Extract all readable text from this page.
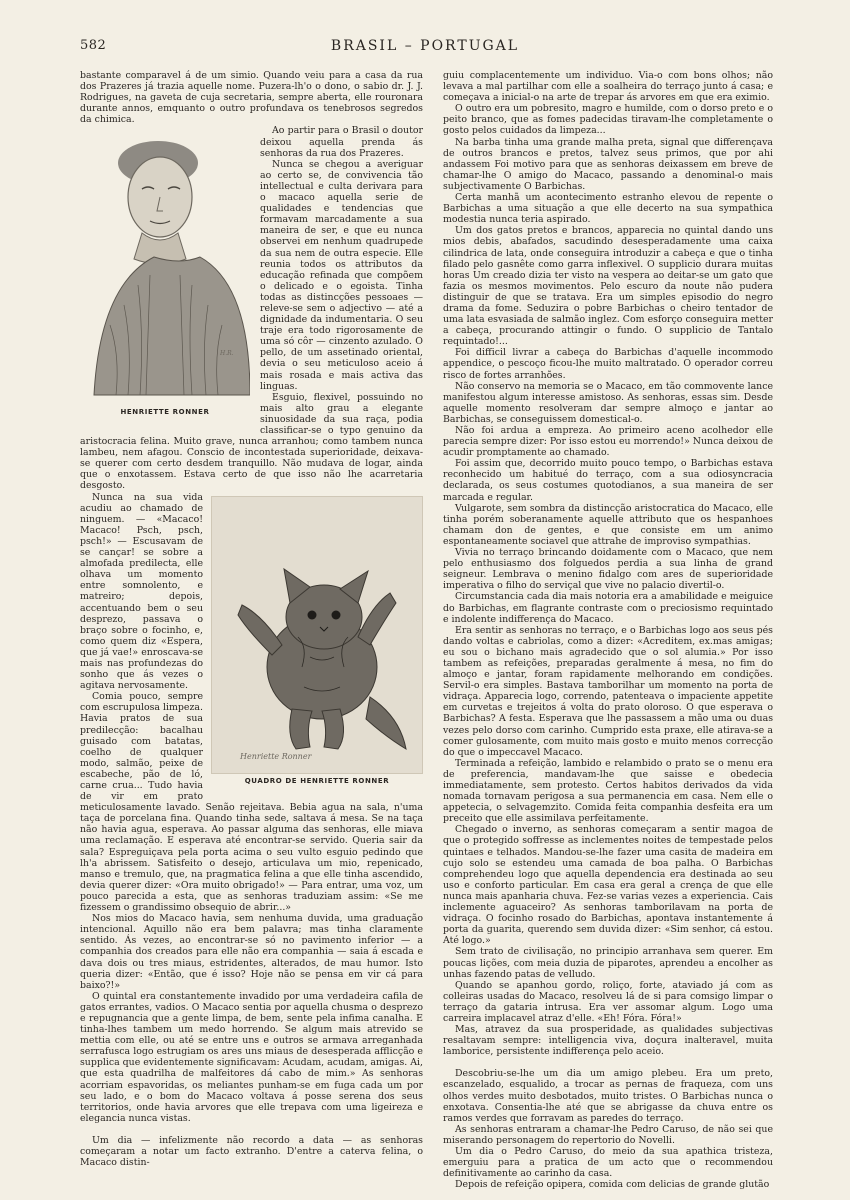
582	BRASIL – PORTUGAL

bastante comparavel á de um simio. Quando veiu para a casa da rua dos Prazeres já trazia aquelle nome. Puzera-lh'o o dono, o sabio dr. J. J. Rodrigues, na gaveta de cuja secretaria, sempre aberta, elle rouronara durante annos, emquanto o outro profundava os tenebrosos segredos da chimica.

H.R.
HENRIETTE RONNER

Ao partir para o Brasil o doutor deixou aquella prenda ás senhoras da rua dos Prazeres.

Nunca se chegou a averiguar ao certo se, de convivencia tão intellectual e culta derivara para o macaco aquella serie de qualidades e tendencias que formavam marcadamente a sua maneira de ser, e que eu nunca observei em nenhum quadrupede da sua nem de outra especie. Elle reunia todos os attributos da educação refinada que compõem o delicado e o egoista. Tinha todas as distincções pessoaes — releve-se sem o adjectivo — até a dignidade da indumentaria. O seu traje era todo rigorosamente de uma só côr — cinzento azulado. O pello, de um assetinado oriental, devia o seu meticuloso aceio á mais rosada e mais activa das linguas.

Esguio, flexivel, possuindo no mais alto grau a elegante sinuosidade da sua raça, podia classificar-se o typo genuino da aristocracia felina. Muito grave, nunca arranhou; como tambem nunca lambeu, nem afagou. Conscio de incontestada superioridade, deixava-se querer com certo desdem tranquillo. Não mudava de logar, ainda que o enxotassem. Estava certo de que isso não lhe acarretaria desgosto.

Henriette Ronner
QUADRO DE HENRIETTE RONNER

Nunca na sua vida acudiu ao chamado de ninguem. — «Macaco! Macaco! Psch, psch, psch!» — Escusavam de se cançar! se sobre a almofada predilecta, elle olhava um momento entre somnolento, e matreiro; depois, accentuando bem o seu desprezo, passava o braço sobre o focinho, e, como quem diz «Espera, que já vae!» enroscava-se mais nas profundezas do sonho que ás vezes o agitava nervosamente.

Comia pouco, sempre com escrupulosa limpeza. Havia pratos de sua predilecção: bacalhau guisado com batatas, coelho de qualquer modo, salmão, peixe de escabeche, pão de ló, carne crua... Tudo havia de vir em prato meticulosamente lavado. Senão rejeitava. Bebia agua na sala, n'uma taça de porcelana fina. Quando tinha sede, saltava á mesa. Se na taça não havia agua, esperava. Ao passar alguma das senhoras, elle miava uma reclamação. E esperava até encontrar-se servido. Queria sair da sala? Espreguiçava pela porta acima o seu vulto esguio pedindo que lh'a abrissem. Satisfeito o desejo, articulava um mio, repenicado, manso e tremulo, que, na pragmatica felina a que elle tinha ascendido, devia querer dizer: «Ora muito obrigado!» — Para entrar, uma voz, um pouco parecida a esta, que as senhoras traduziam assim: «Se me fizessem o grandissimo obsequio de abrir...»

Nos mios do Macaco havia, sem nenhuma duvida, uma graduação intencional. Aquillo não era bem palavra; mas tinha claramente sentido. Ás vezes, ao encontrar-se só no pavimento inferior — a companhia dos creados para elle não era companhia — saia á escada e dava dois ou tres miaus, estridentes, alterados, de mau humor. Isto queria dizer: «Então, que é isso? Hoje não se pensa em vir cá para baixo?!»

O quintal era constantemente invadido por uma verdadeira cafila de gatos errantes, vadios. O Macaco sentia por aquella chusma o desprezo e repugnancia que a gente limpa, de bem, sente pela infima canalha. E tinha-lhes tambem um medo horrendo. Se algum mais atrevido se mettia com elle, ou até se entre uns e outros se armava arreganhada serrafusca logo estrugiam os ares uns miaus de desesperada afflicção e supplica que evidentemente significavam: Acudam, acudam, amigas. Ai, que esta quadrilha de malfeitores dá cabo de mim.» As senhoras acorriam espavoridas, os meliantes punham-se em fuga cada um por seu lado, e o bom do Macaco voltava á posse serena dos seus territorios, onde havia arvores que elle trepava com uma ligeireza e elegancia nunca vistas.

Um dia — infelizmente não recordo a data — as senhoras começaram a notar um facto extranho. D'entre a caterva felina, o Macaco distin-

guiu complacentemente um individuo. Via-o com bons olhos; não levava a mal partilhar com elle a soalheira do terraço junto á casa; e começava a inicial-o na arte de trepar ás arvores em que era eximio.

O outro era um pobresito, magro e humilde, com o dorso preto e o peito branco, que as fomes padecidas tiravam-lhe completamente o gosto pelos cuidados da limpeza...

Na barba tinha uma grande malha preta, signal que differençava de outros brancos e pretos, talvez seus primos, que por ahi andassem Foi motivo para que as senhoras deixassem em breve de chamar-lhe O amigo do Macaco, passando a denominal-o mais subjectivamente O Barbichas.

Certa manhã um acontecimento estranho elevou de repente o Barbichas a uma situação a que elle decerto na sua sympathica modestia nunca teria aspirado.

Um dos gatos pretos e brancos, apparecia no quintal dando uns mios debis, abafados, sacudindo desesperadamente uma caixa cilindrica de lata, onde conseguira introduzir a cabeça e que o tinha filado pelo gasnête como garra inflexivel. O supplicio durara muitas horas Um creado dizia ter visto na vespera ao deitar-se um gato que fazia os mesmos movimentos. Pelo escuro da noute não pudera distinguir de que se tratava. Era um simples episodio do negro drama da fome. Seduzira o pobre Barbichas o cheiro tentador de uma lata esvasiada de salmão inglez. Com esforço conseguira metter a cabeça, procurando attingir o fundo. O supplicio de Tantalo requintado!...

Foi difficil livrar a cabeça do Barbichas d'aquelle incommodo appendice, o pescoço ficou-lhe muito maltratado. O operador correu risco de fortes arranhões.

Não conservo na memoria se o Macaco, em tão commovente lance manifestou algum interesse amistoso. As senhoras, essas sim. Desde aquelle momento resolveram dar sempre almoço e jantar ao Barbichas, se conseguissem domestical-o.

Não foi ardua a empreza. Ao primeiro aceno acolhedor elle parecia sempre dizer: Por isso estou eu morrendo!» Nunca deixou de acudir promptamente ao chamado.

Foi assim que, decorrido muito pouco tempo, o Barbichas estava reconhecido um habitué do terraço, com a sua odiosyncracia declarada, os seus costumes quotodianos, a sua maneira de ser marcada e regular.

Vulgarote, sem sombra da distincção aristocratica do Macaco, elle tinha porém soberanamente aquelle attributo que os hespanhoes chamam don de gentes, e que consiste em um animo espontaneamente sociavel que attrahe de improviso sympathias.

Vivia no terraço brincando doidamente com o Macaco, que nem pelo enthusiasmo dos folguedos perdia a sua linha de grand seigneur. Lembrava o menino fidalgo com ares de superioridade imperativa o filho do serviçal que vive no palacio divertil-o.

Circumstancia cada dia mais notoria era a amabilidade e meiguice do Barbichas, em flagrante contraste com o preciosismo requintado e indolente indifferença do Macaco.

Era sentir as senhoras no terraço, e o Barbichas logo aos seus pés dando voltas e cabriolas, como a dizer: «Acreditem, ex.mas amigas; eu sou o bichano mais agradecido que o sol alumia.» Por isso tambem as refeições, preparadas geralmente á mesa, no fim do almoço e jantar, foram rapidamente melhorando em condições. Servil-o era simples. Bastava tamborilhar um momento na porta de vidraça. Apparecia logo, correndo, patenteava o impaciente appetite em curvetas e trejeitos á volta do prato oloroso. O que esperava o Barbichas? A festa. Esperava que lhe passassem a mão uma ou duas vezes pelo dorso com carinho. Cumprido esta praxe, elle atirava-se a comer gulosamente, com muito mais gosto e muito menos correcção do que o impeccavel Macaco.

Terminada a refeição, lambido e relambido o prato se o menu era de preferencia, mandavam-lhe que saisse e obedecia immediatamente, sem protesto. Certos habitos derivados da vida nomada tornavam perigosa a sua permanencia em casa. Nem elle o appetecia, o selvagemzito. Comida feita companhia desfeita era um preceito que elle assimilava perfeitamente.

Chegado o inverno, as senhoras começaram a sentir magoa de que o protegido soffresse as inclementes noites de tempestade pelos quintaes e telhados. Mandou-se-lhe fazer uma casita de madeira em cujo solo se estendeu uma camada de boa palha. O Barbichas comprehendeu logo que aquella dependencia era destinada ao seu uso e conforto particular. Em casa era geral a crença de que elle nunca mais apanharia chuva. Fez-se varias vezes a experiencia. Cais inclemente aguaceiro? As senhoras tamborilavam na porta de vidraça. O focinho rosado do Barbichas, apontava instantemente á porta da guarita, querendo sem duvida dizer: «Sim senhor, cá estou. Até logo.»

Sem trato de civilisação, no principio arranhava sem querer. Em poucas lições, com meia duzia de piparotes, aprendeu a encolher as unhas fazendo patas de velludo.

Quando se apanhou gordo, roliço, forte, ataviado já com as colleiras usadas do Macaco, resolveu lá de si para comsigo limpar o terraço da gataria intrusa. Era ver assomar algum. Logo uma carreira implacavel atraz d'elle. «Eh! Fóra. Fóra!»

Mas, atravez da sua prosperidade, as qualidades subjectivas resaltavam sempre: intelligencia viva, doçura inalteravel, muita lamborice, persistente indifferença pelo aceio.

Descobriu-se-lhe um dia um amigo plebeu. Era um preto, escanzelado, esqualido, a trocar as pernas de fraqueza, com uns olhos verdes muito desbotados, muito tristes. O Barbichas nunca o enxotava. Consentia-lhe até que se abrigasse da chuva entre os ramos verdes que forravam as paredes do terraço.

As senhoras entraram a chamar-lhe Pedro Caruso, de não sei que miserando personagem do repertorio do Novelli.

Um dia o Pedro Caruso, do meio da sua apathica tristeza, emerguiu para a pratica de um acto que o recommendou definitivamente ao carinho da casa.

Depois de refeição opipera, comida com delicias de grande glutão
